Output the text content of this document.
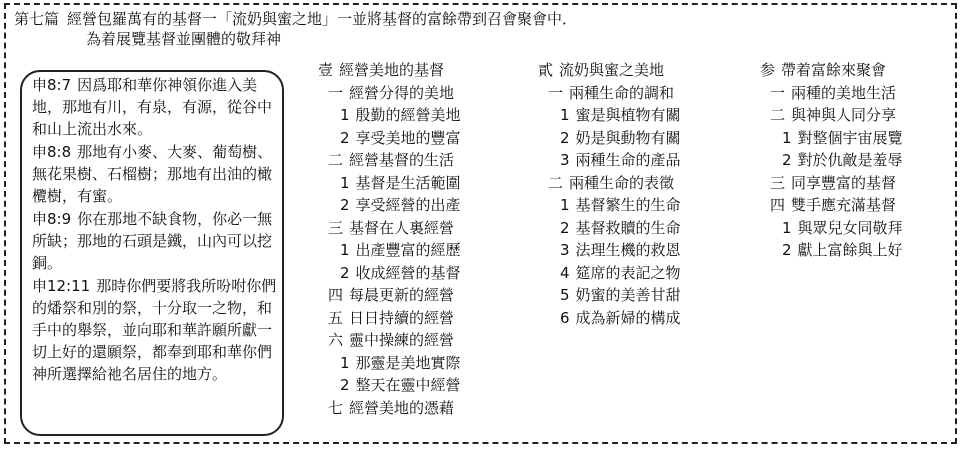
第七篇 經營包羅萬有的基督一「流奶與蜜之地」一並將基督的富餘帶到召會聚會中．
為着展覽基督並團體的敬拜神
申8:7 因爲耶和華你神領你進入美地，那地有川，有泉，有源，從谷中和山上流出水來。
申8:8 那地有小麥、大麥、葡萄樹、無花果樹、石榴樹；那地有出油的橄欖樹，有蜜。
申8:9 你在那地不缺食物，你必一無所缺；那地的石頭是鐵，山內可以挖銅。
申12:11 那時你們要將我所吩咐你們的燔祭和別的祭，十分取一之物，和手中的舉祭，並向耶和華許願所獻一切上好的還願祭，都奉到耶和華你們神所選擇給祂名居住的地方。
壹 經營美地的基督
一 經營分得的美地
1 殷勤的經營美地
2 享受美地的豐富
二 經營基督的生活
1 基督是生活範圍
2 享受經營的出產
三 基督在人裏經營
1 出產豐富的經歷
2 收成經營的基督
四 每晨更新的經營
五 日日持續的經營
六 靈中操練的經營
1 那靈是美地實際
2 整天在靈中經營
七 經營美地的憑藉
貳 流奶與蜜之美地
一 兩種生命的調和
1 蜜是與植物有關
2 奶是與動物有關
3 兩種生命的產品
二 兩種生命的表徵
1 基督繁生的生命
2 基督救贖的生命
3 法理生機的救恩
4 筵席的表記之物
5 奶蜜的美善甘甜
6 成為新婦的構成
参 帶着富餘來聚會
一 兩種的美地生活
二 與神與人同分享
1 對整個宇宙展覽
2 對於仇敵是羞辱
三 同享豐富的基督
四 雙手應充滿基督
1 與眾兒女同敬拜
2 獻上富餘與上好
